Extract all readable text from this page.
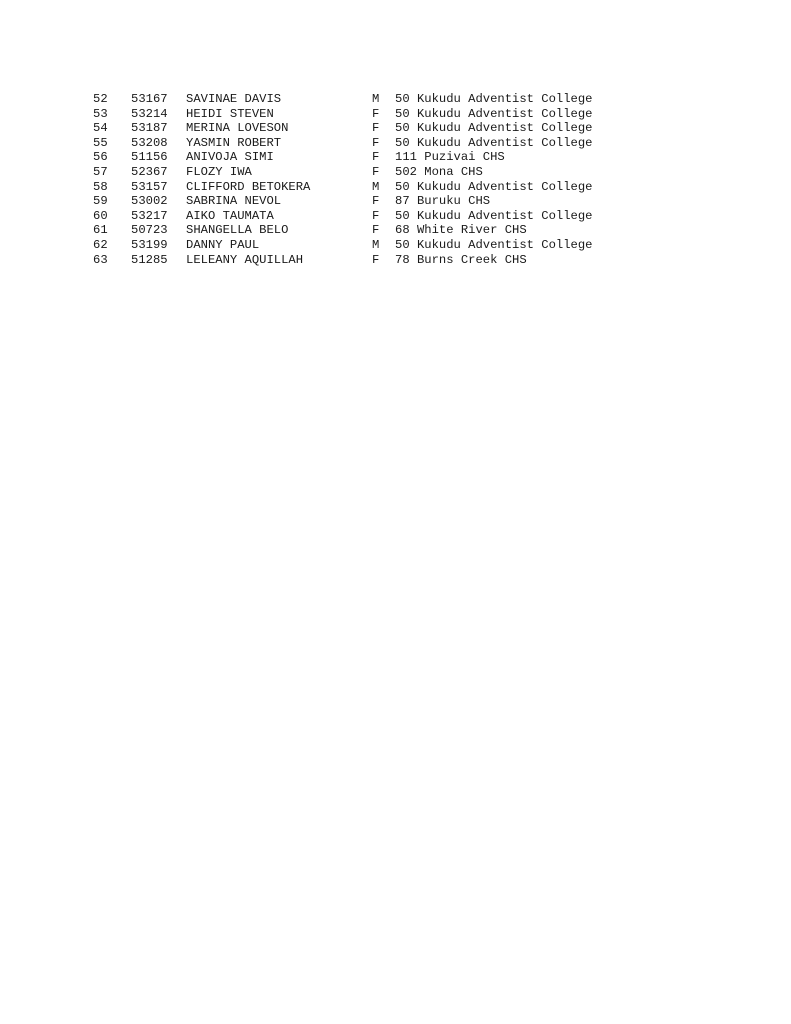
52 53167 SAVINAE DAVIS	M 50 Kukudu Adventist College
53 53214 HEIDI STEVEN	F 50 Kukudu Adventist College
54 53187 MERINA LOVESON	F 50 Kukudu Adventist College
55 53208 YASMIN ROBERT	F 50 Kukudu Adventist College
56 51156 ANIVOJA SIMI	F 111 Puzivai CHS
57 52367 FLOZY IWA	F 502 Mona CHS
58 53157 CLIFFORD BETOKERA	M 50 Kukudu Adventist College
59 53002 SABRINA NEVOL	F 87 Buruku CHS
60 53217 AIKO TAUMATA	F 50 Kukudu Adventist College
61 50723 SHANGELLA BELO	F 68 White River CHS
62 53199 DANNY PAUL	M 50 Kukudu Adventist College
63 51285 LELEANY AQUILLAH	F 78 Burns Creek CHS
